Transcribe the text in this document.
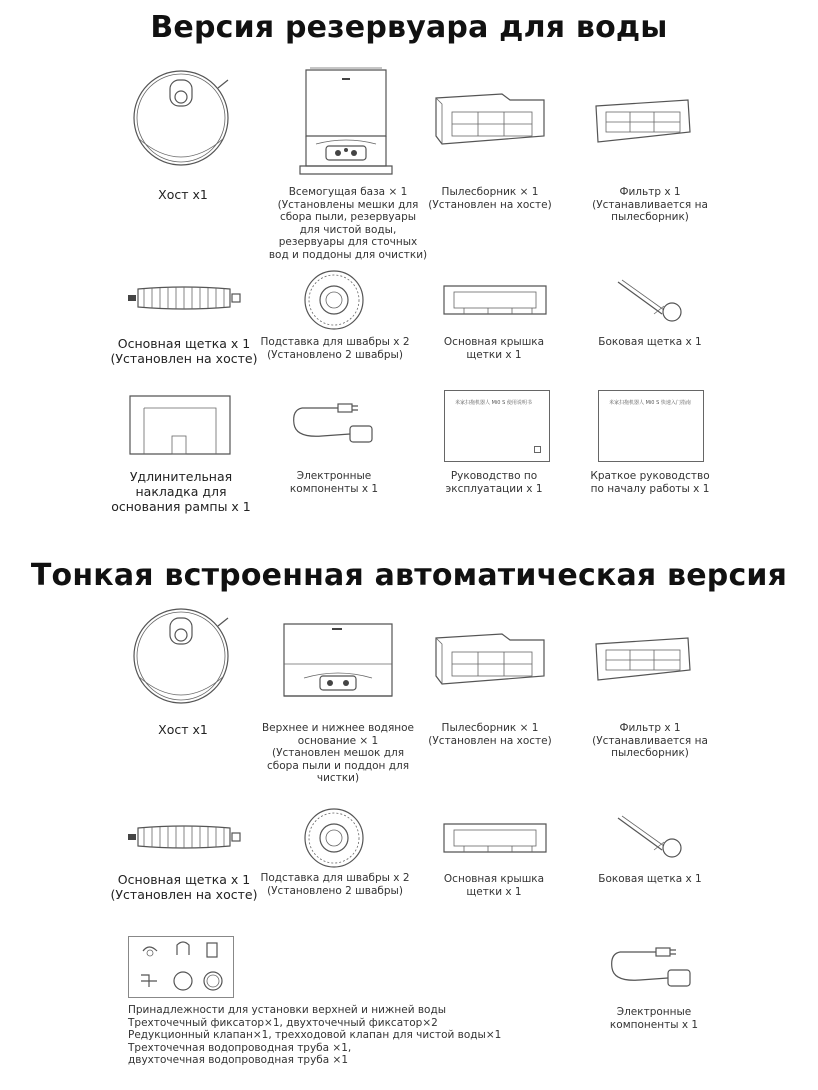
Версия резервуара для воды
Хост x1	Всемогущая база × 1
(Установлены мешки для
сбора пыли, резервуары
для чистой воды,
резервуары для сточных
вод и поддоны для очистки)
Пылесборник × 1
(Установлен на хосте)
Фильтр x 1
(Устанавливается на
пылесборник)
Основная щетка x 1
(Установлен на хосте)
Подставка для швабры x 2
(Установлено 2 швабры)
Основная крышка
щетки x 1
Боковая щетка x 1
Удлинительная
накладка для
основания рампы x 1
Электронные
компоненты x 1
米家扫拖机器人 Mi0 S 使用说明书
Руководство по
эксплуатации x 1
米家扫拖机器人 Mi0 S 快速入门指南
Краткое руководство
по началу работы x 1
Тонкая встроенная автоматическая версия
Хост x1	Верхнее и нижнее водяное
основание × 1
(Установлен мешок для
сбора пыли и поддон для
чистки)
Пылесборник × 1
(Установлен на хосте)
Фильтр x 1
(Устанавливается на
пылесборник)
Основная щетка x 1
(Установлен на хосте)
Подставка для швабры x 2
(Установлено 2 швабры)
Основная крышка
щетки x 1
Боковая щетка x 1
Принадлежности для установки верхней и нижней воды
Трехточечный фиксатор×1, двухточечный фиксатор×2
Редукционный клапан×1, трехходовой клапан для чистой воды×1
Трехточечная водопроводная труба ×1,
двухточечная водопроводная труба ×1
Электронные
компоненты x 1
